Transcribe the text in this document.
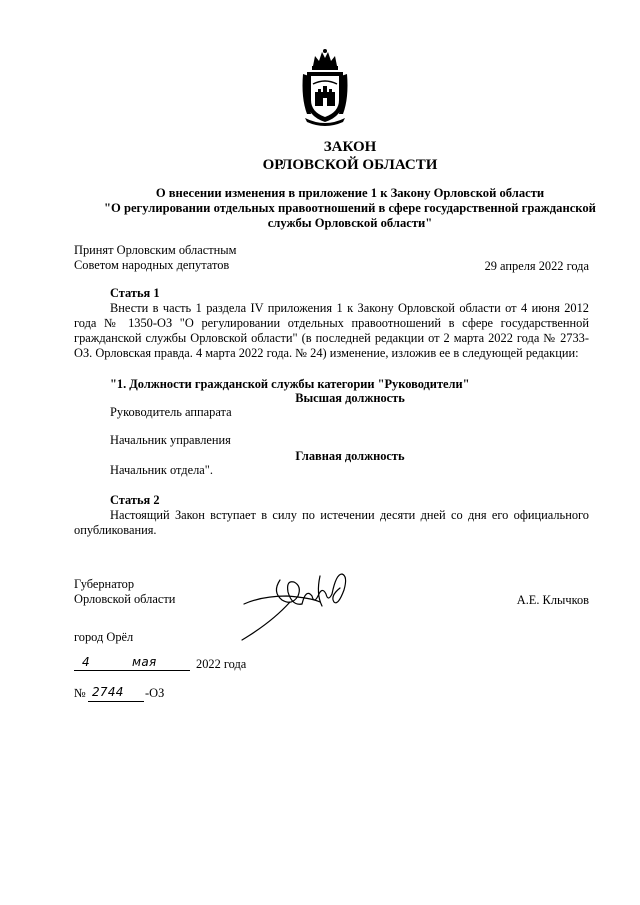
ЗАКОН
ОРЛОВСКОЙ ОБЛАСТИ
О внесении изменения в приложение 1 к Закону Орловской области
"О регулировании отдельных правоотношений в сфере государственной гражданской
службы Орловской области"
Принят Орловским областным
Советом народных депутатов	29 апреля 2022 года
Статья 1
Внести в часть 1 раздела IV приложения 1 к Закону Орловской области от 4 июня 2012 года № 1350-ОЗ "О регулировании отдельных правоотношений в сфере государственной гражданской службы Орловской области" (в последней редакции от 2 марта 2022 года № 2733-ОЗ. Орловская правда. 4 марта 2022 года. № 24) изменение, изложив ее в следующей редакции:
"1. Должности гражданской службы категории "Руководители"
Высшая должность
Руководитель аппарата
Начальник управления
Главная должность
Начальник отдела".
Статья 2
Настоящий Закон вступает в силу по истечении десяти дней со дня его официального опубликования.
Губернатор
Орловской области	А.Е. Клычков
город Орёл
4	мая	2022 года
№ 2744 -ОЗ
